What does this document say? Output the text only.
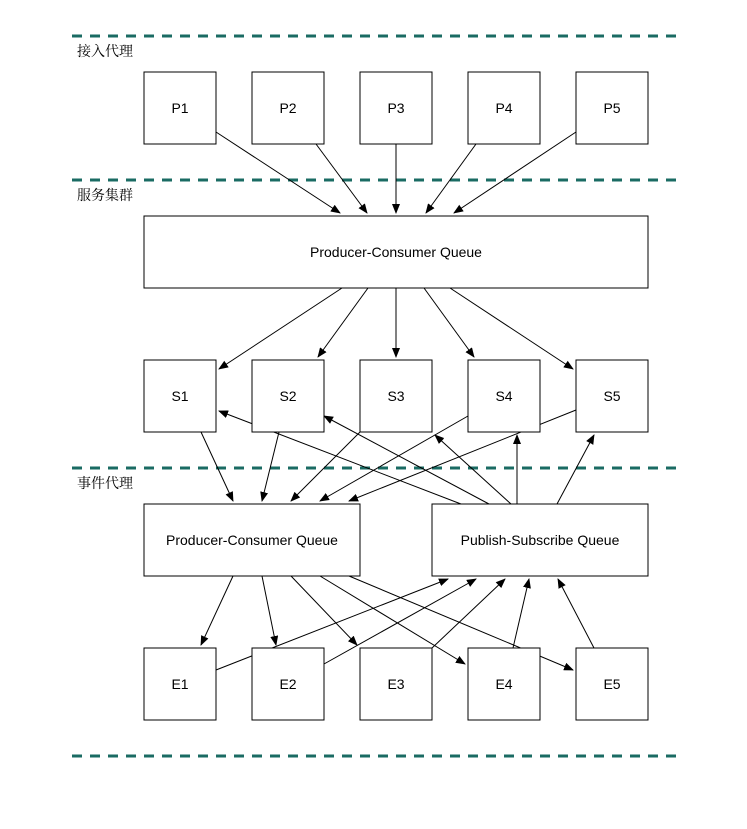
接入代理
服务集群
事件代理
P1	P2	P3	P4	P5
Producer-Consumer Queue
S1	S2	S3	S4	S5
Producer-Consumer Queue	Publish-Subscribe Queue
E1	E2	E3	E4	E5
